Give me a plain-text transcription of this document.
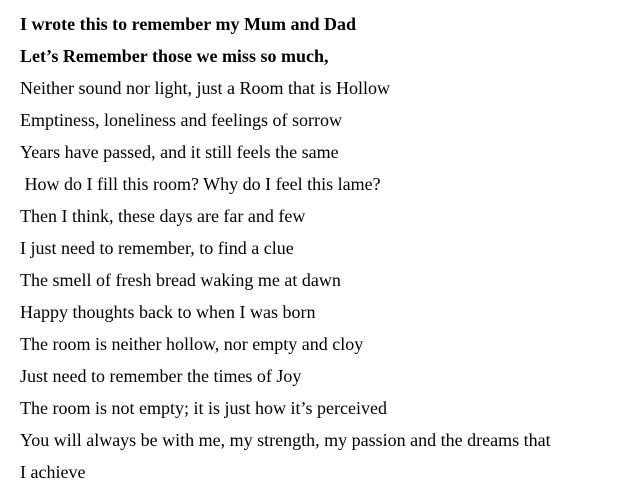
I wrote this to remember my Mum and Dad
Let’s Remember those we miss so much,
Neither sound nor light, just a Room that is Hollow
Emptiness, loneliness and feelings of sorrow
Years have passed, and it still feels the same
How do I fill this room? Why do I feel this lame?
Then I think, these days are far and few
I just need to remember, to find a clue
The smell of fresh bread waking me at dawn
Happy thoughts back to when I was born
The room is neither hollow, nor empty and cloy
Just need to remember the times of Joy
The room is not empty; it is just how it’s perceived
You will always be with me, my strength, my passion and the dreams that
I achieve
